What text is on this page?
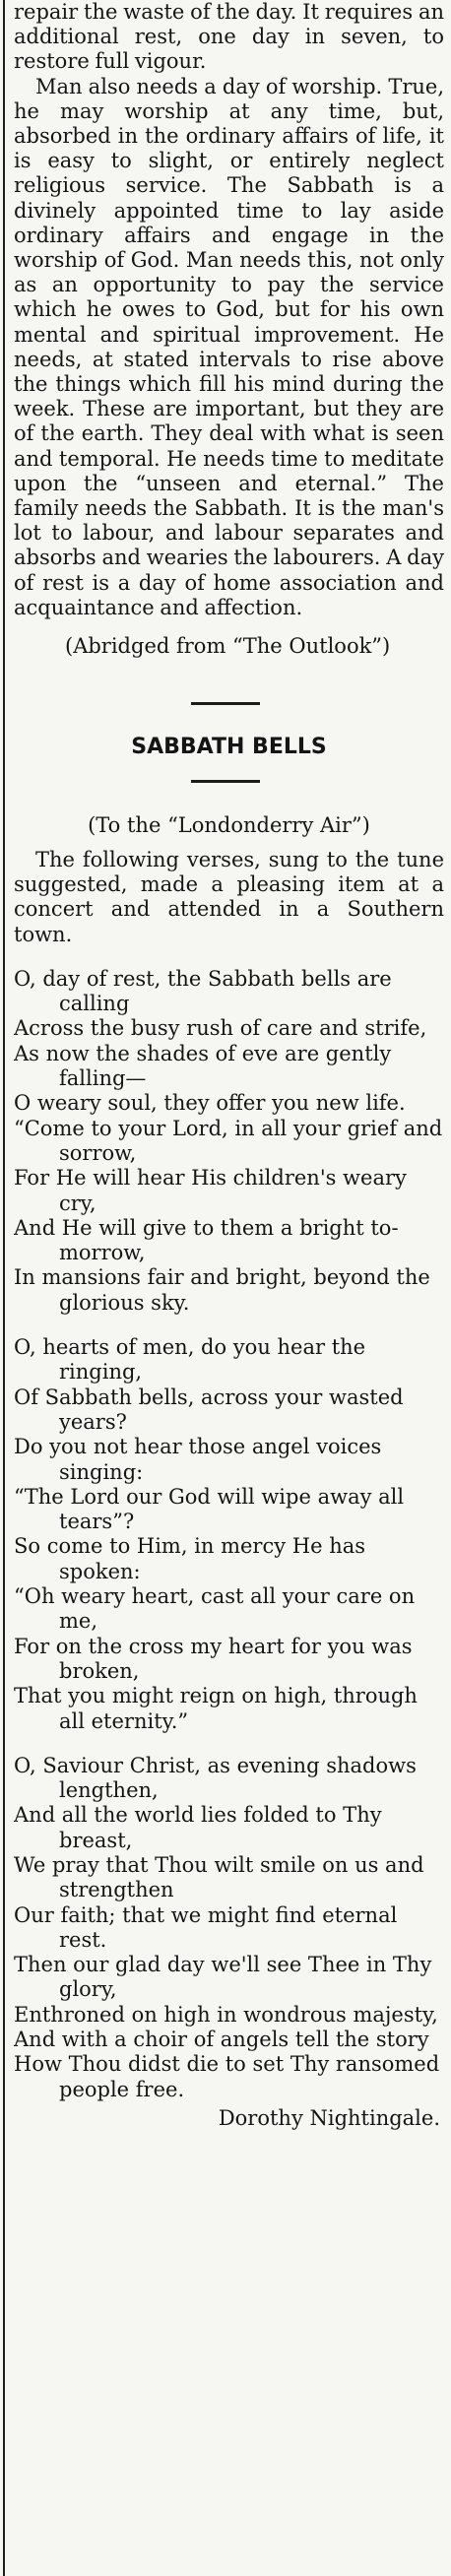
repair the waste of the day. It requires an additional rest, one day in seven, to restore full vigour.

Man also needs a day of worship. True, he may worship at any time, but, absorbed in the ordinary affairs of life, it is easy to slight, or entirely neglect religious service. The Sabbath is a divinely appointed time to lay aside ordinary affairs and engage in the worship of God. Man needs this, not only as an opportunity to pay the service which he owes to God, but for his own mental and spiritual improvement. He needs, at stated intervals to rise above the things which fill his mind during the week. These are important, but they are of the earth. They deal with what is seen and temporal. He needs time to meditate upon the “unseen and eternal.” The family needs the Sabbath. It is the man's lot to labour, and labour separates and absorbs and wearies the labourers. A day of rest is a day of home association and acquaintance and affection.

(Abridged from “The Outlook”)

SABBATH BELLS

(To the “Londonderry Air”)

The following verses, sung to the tune suggested, made a pleasing item at a concert and attended in a Southern town.

O, day of rest, the Sabbath bells are calling

Across the busy rush of care and strife,

As now the shades of eve are gently falling—

O weary soul, they offer you new life.

“Come to your Lord, in all your grief and sorrow,

For He will hear His children's weary cry,

And He will give to them a bright to-morrow,

In mansions fair and bright, beyond the glorious sky.

O, hearts of men, do you hear the ringing,

Of Sabbath bells, across your wasted years?

Do you not hear those angel voices singing:

“The Lord our God will wipe away all tears”?

So come to Him, in mercy He has spoken:

“Oh weary heart, cast all your care on me,

For on the cross my heart for you was broken,

That you might reign on high, through all eternity.”

O, Saviour Christ, as evening shadows lengthen,

And all the world lies folded to Thy breast,

We pray that Thou wilt smile on us and strengthen

Our faith; that we might find eternal rest.

Then our glad day we'll see Thee in Thy glory,

Enthroned on high in wondrous majesty,

And with a choir of angels tell the story

How Thou didst die to set Thy ransomed people free.

Dorothy Nightingale.
